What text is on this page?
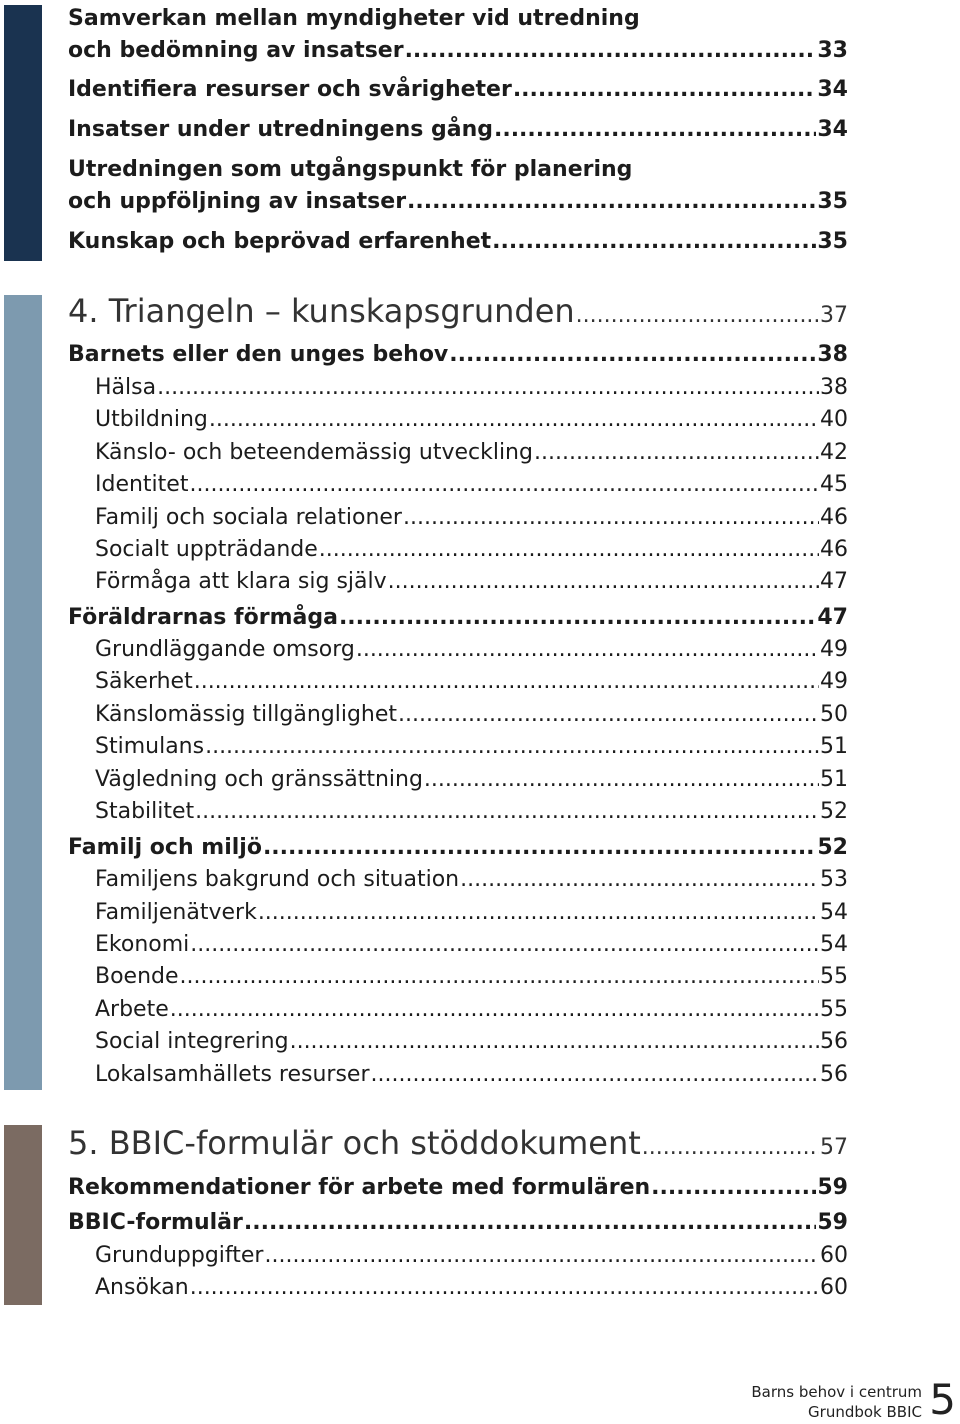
Samverkan mellan myndigheter vid utredning
och bedömning av insatser .....	33
Identifiera resurser och svårigheter .....	34
Insatser under utredningens gång .....	34
Utredningen som utgångspunkt för planering
och uppföljning av insatser .....	35
Kunskap och beprövad erfarenhet .....	35
4. Triangeln – kunskapsgrunden .....	37
Barnets eller den unges behov .....	38
Hälsa .....	38
Utbildning .....	40
Känslo- och beteendemässig utveckling .....	42
Identitet .....	45
Familj och sociala relationer .....	46
Socialt uppträdande .....	46
Förmåga att klara sig själv .....	47
Föräldrarnas förmåga .....	47
Grundläggande omsorg .....	49
Säkerhet .....	49
Känslomässig tillgänglighet .....	50
Stimulans .....	51
Vägledning och gränssättning .....	51
Stabilitet .....	52
Familj och miljö .....	52
Familjens bakgrund och situation .....	53
Familjenätverk .....	54
Ekonomi .....	54
Boende .....	55
Arbete .....	55
Social integrering .....	56
Lokalsamhällets resurser .....	56
5. BBIC-formulär och stöddokument .....	57
Rekommendationer för arbete med formulären .....	59
BBIC-formulär .....	59
Grunduppgifter .....	60
Ansökan .....	60
Barns behov i centrum
Grundbok BBIC 5
